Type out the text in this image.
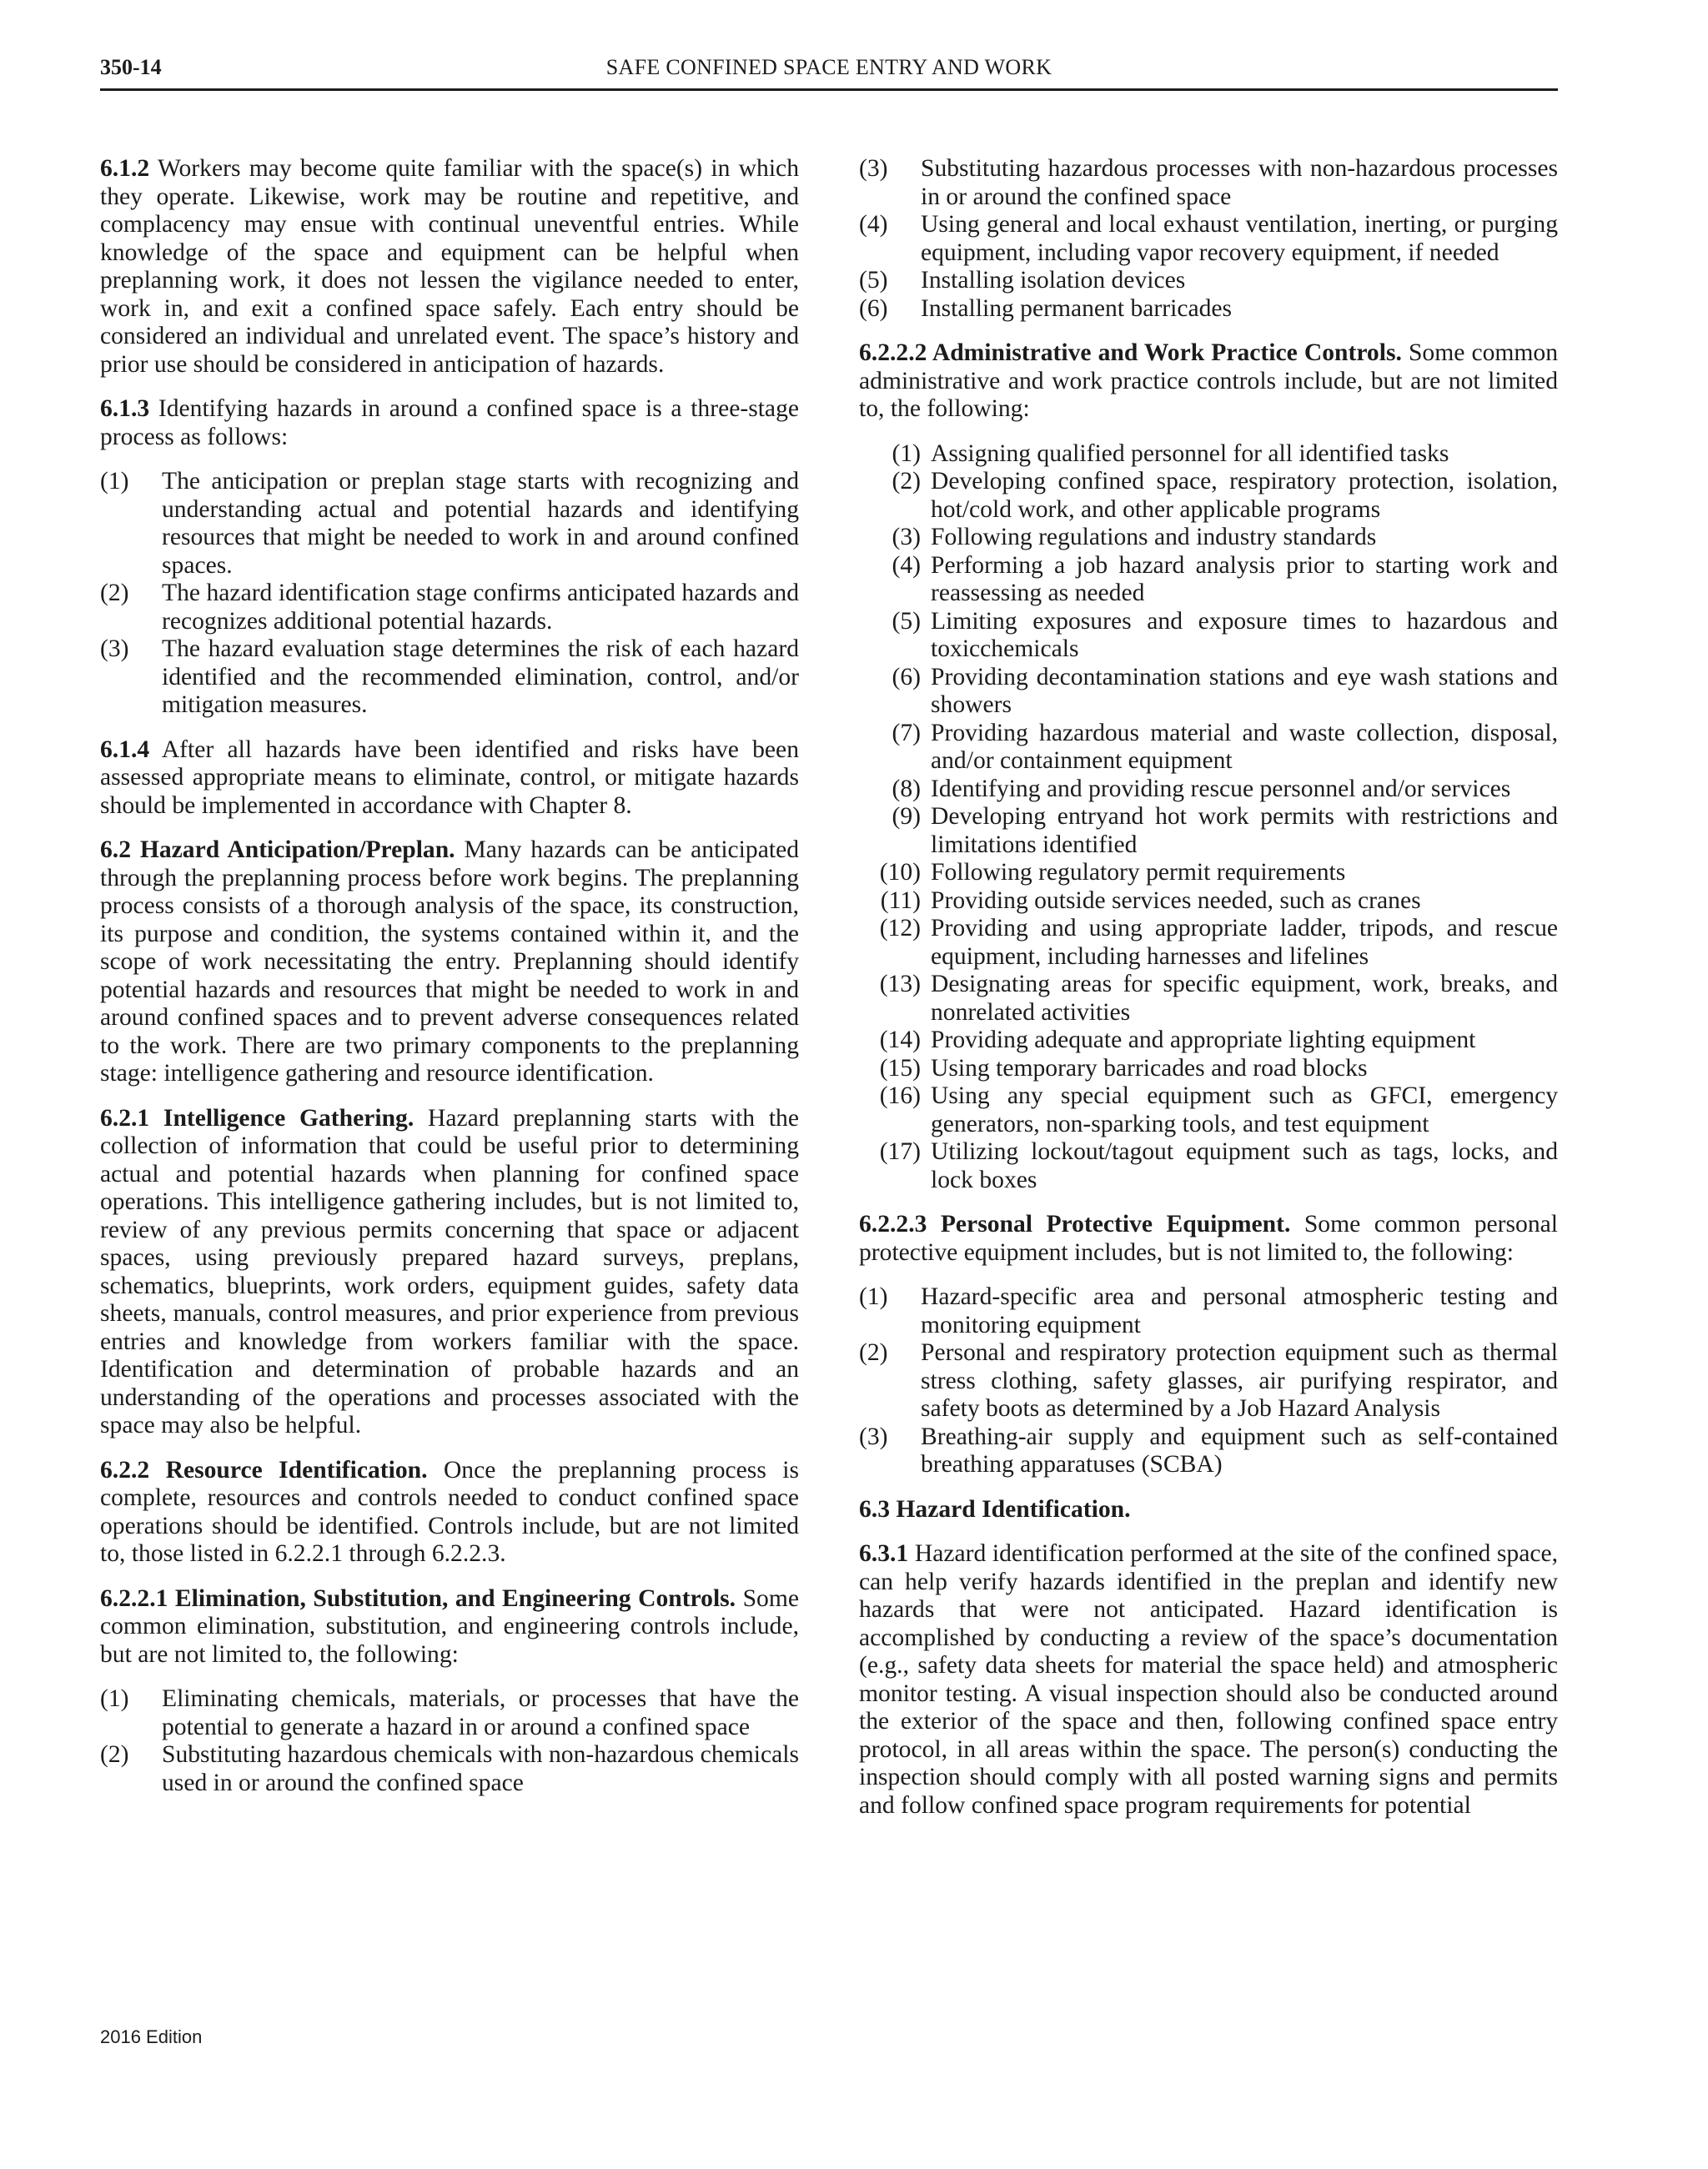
350-14	SAFE CONFINED SPACE ENTRY AND WORK

6.1.2 Workers may become quite familiar with the space(s) in which they operate. Likewise, work may be routine and repetitive, and complacency may ensue with continual uneventful entries. While knowledge of the space and equipment can be helpful when preplanning work, it does not lessen the vigilance needed to enter, work in, and exit a confined space safely. Each entry should be considered an individual and unrelated event. The space’s history and prior use should be considered in anticipation of hazards.

6.1.3 Identifying hazards in around a confined space is a three-stage process as follows:

(1)	The anticipation or preplan stage starts with recognizing and understanding actual and potential hazards and identifying resources that might be needed to work in and around confined spaces.
(2)	The hazard identification stage confirms anticipated hazards and recognizes additional potential hazards.
(3)	The hazard evaluation stage determines the risk of each hazard identified and the recommended elimination, control, and/or mitigation measures.

6.1.4 After all hazards have been identified and risks have been assessed appropriate means to eliminate, control, or mitigate hazards should be implemented in accordance with Chapter 8.

6.2 Hazard Anticipation/Preplan. Many hazards can be anticipated through the preplanning process before work begins. The preplanning process consists of a thorough analysis of the space, its construction, its purpose and condition, the systems contained within it, and the scope of work necessitating the entry. Preplanning should identify potential hazards and resources that might be needed to work in and around confined spaces and to prevent adverse consequences related to the work. There are two primary components to the preplanning stage: intelligence gathering and resource identification.

6.2.1 Intelligence Gathering. Hazard preplanning starts with the collection of information that could be useful prior to determining actual and potential hazards when planning for confined space operations. This intelligence gathering includes, but is not limited to, review of any previous permits concerning that space or adjacent spaces, using previously prepared hazard surveys, preplans, schematics, blueprints, work orders, equipment guides, safety data sheets, manuals, control measures, and prior experience from previous entries and knowledge from workers familiar with the space. Identification and determination of probable hazards and an understanding of the operations and processes associated with the space may also be helpful.

6.2.2 Resource Identification. Once the preplanning process is complete, resources and controls needed to conduct confined space operations should be identified. Controls include, but are not limited to, those listed in 6.2.2.1 through 6.2.2.3.

6.2.2.1 Elimination, Substitution, and Engineering Controls. Some common elimination, substitution, and engineering controls include, but are not limited to, the following:

(1)	Eliminating chemicals, materials, or processes that have the potential to generate a hazard in or around a confined space
(2)	Substituting hazardous chemicals with non-hazardous chemicals used in or around the confined space
(3)	Substituting hazardous processes with non-hazardous processes in or around the confined space
(4)	Using general and local exhaust ventilation, inerting, or purging equipment, including vapor recovery equipment, if needed
(5)	Installing isolation devices
(6)	Installing permanent barricades

6.2.2.2 Administrative and Work Practice Controls. Some common administrative and work practice controls include, but are not limited to, the following:

(1) Assigning qualified personnel for all identified tasks
(2) Developing confined space, respiratory protection, isolation, hot/cold work, and other applicable programs
(3) Following regulations and industry standards
(4) Performing a job hazard analysis prior to starting work and reassessing as needed
(5) Limiting exposures and exposure times to hazardous and toxicchemicals
(6) Providing decontamination stations and eye wash stations and showers
(7) Providing hazardous material and waste collection, disposal, and/or containment equipment
(8) Identifying and providing rescue personnel and/or services
(9) Developing entryand hot work permits with restrictions and limitations identified
(10) Following regulatory permit requirements
(11) Providing outside services needed, such as cranes
(12) Providing and using appropriate ladder, tripods, and rescue equipment, including harnesses and lifelines
(13) Designating areas for specific equipment, work, breaks, and nonrelated activities
(14) Providing adequate and appropriate lighting equipment
(15) Using temporary barricades and road blocks
(16) Using any special equipment such as GFCI, emergency generators, non-sparking tools, and test equipment
(17) Utilizing lockout/tagout equipment such as tags, locks, and lock boxes

6.2.2.3 Personal Protective Equipment. Some common personal protective equipment includes, but is not limited to, the following:

(1)	Hazard-specific area and personal atmospheric testing and monitoring equipment
(2)	Personal and respiratory protection equipment such as thermal stress clothing, safety glasses, air purifying respirator, and safety boots as determined by a Job Hazard Analysis
(3)	Breathing-air supply and equipment such as self-contained breathing apparatuses (SCBA)

6.3 Hazard Identification.

6.3.1 Hazard identification performed at the site of the confined space, can help verify hazards identified in the preplan and identify new hazards that were not anticipated. Hazard identification is accomplished by conducting a review of the space’s documentation (e.g., safety data sheets for material the space held) and atmospheric monitor testing. A visual inspection should also be conducted around the exterior of the space and then, following confined space entry protocol, in all areas within the space. The person(s) conducting the inspection should comply with all posted warning signs and permits and follow confined space program requirements for potential

2016 Edition
